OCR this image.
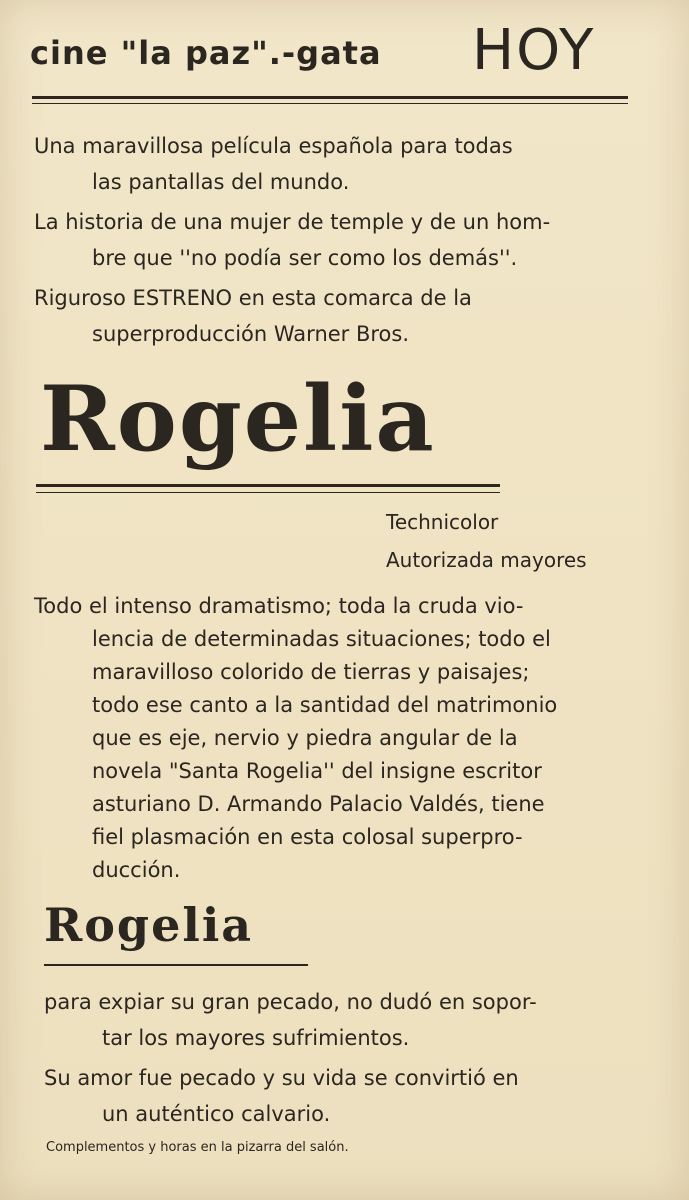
cine "la paz".-gata HOY
Una maravillosa película española para todas
las pantallas del mundo.
La historia de una mujer de temple y de un hom-
bre que ''no podía ser como los demás''.
Riguroso ESTRENO en esta comarca de la
superproducción Warner Bros.
Rogelia
Technicolor
Autorizada mayores
Todo el intenso dramatismo; toda la cruda vio-
lencia de determinadas situaciones; todo el
maravilloso colorido de tierras y paisajes;
todo ese canto a la santidad del matrimonio
que es eje, nervio y piedra angular de la
novela "Santa Rogelia'' del insigne escritor
asturiano D. Armando Palacio Valdés, tiene
fiel plasmación en esta colosal superpro-
ducción.
Rogelia
para expiar su gran pecado, no dudó en sopor-
tar los mayores sufrimientos.
Su amor fue pecado y su vida se convirtió en
un auténtico calvario.
Complementos y horas en la pizarra del salón.
